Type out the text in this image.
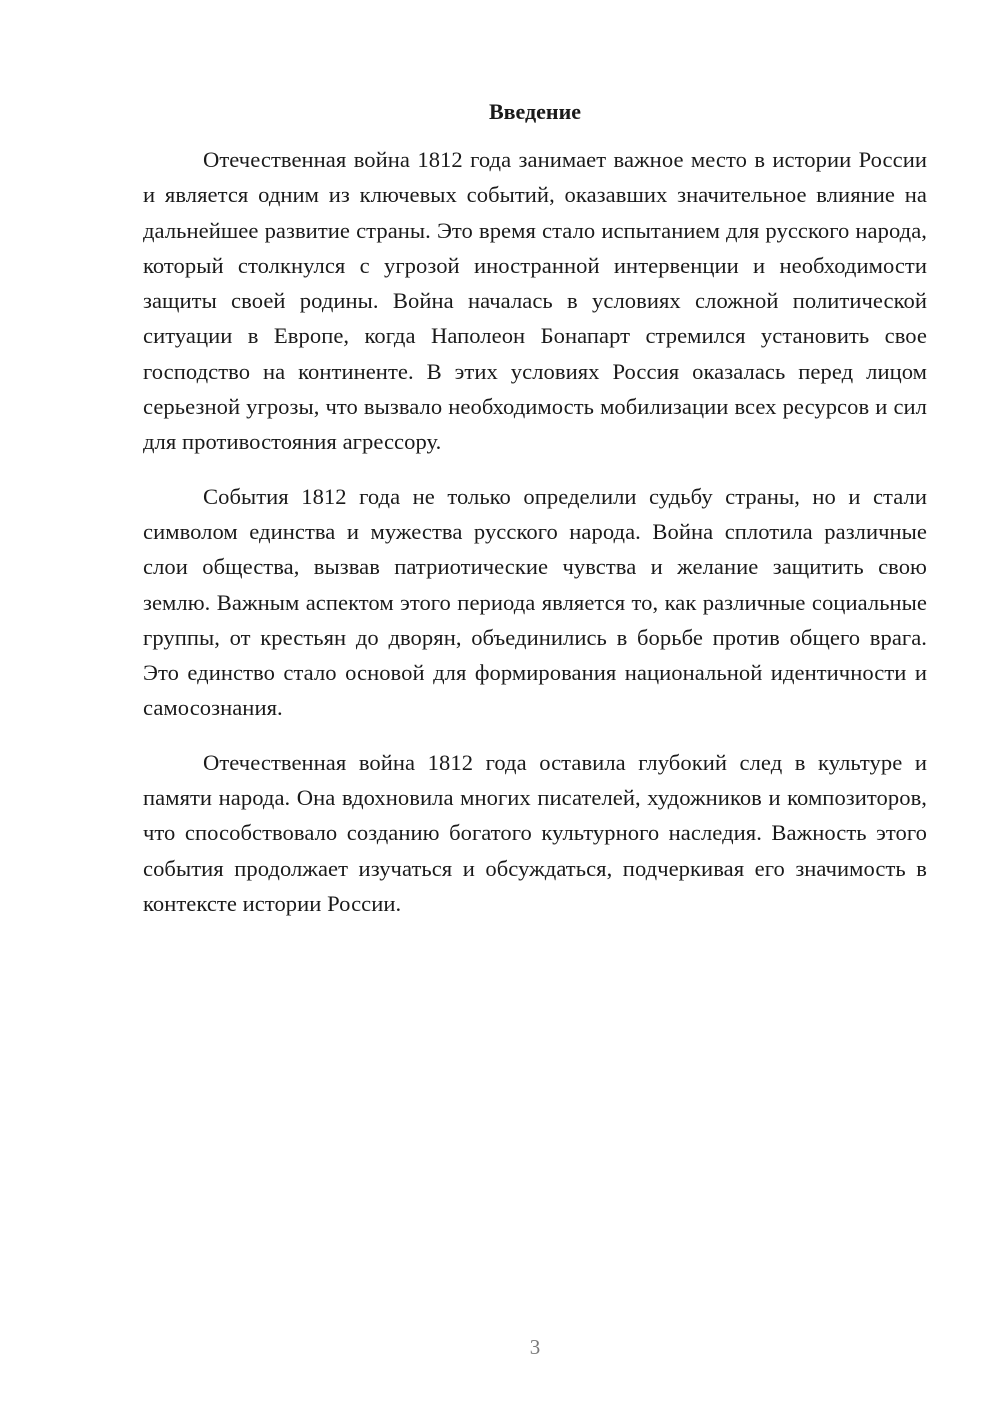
Введение

Отечественная война 1812 года занимает важное место в истории России и является одним из ключевых событий, оказавших значительное влияние на дальнейшее развитие страны. Это время стало испытанием для русского народа, который столкнулся с угрозой иностранной интервенции и необходимости защиты своей родины. Война началась в условиях сложной политической ситуации в Европе, когда Наполеон Бонапарт стремился установить свое господство на континенте. В этих условиях Россия оказалась перед лицом серьезной угрозы, что вызвало необходимость мобилизации всех ресурсов и сил для противостояния агрессору.

События 1812 года не только определили судьбу страны, но и стали символом единства и мужества русского народа. Война сплотила различные слои общества, вызвав патриотические чувства и желание защитить свою землю. Важным аспектом этого периода является то, как различные социальные группы, от крестьян до дворян, объединились в борьбе против общего врага. Это единство стало основой для формирования национальной идентичности и самосознания.

Отечественная война 1812 года оставила глубокий след в культуре и памяти народа. Она вдохновила многих писателей, художников и композиторов, что способствовало созданию богатого культурного наследия. Важность этого события продолжает изучаться и обсуждаться, подчеркивая его значимость в контексте истории России.

3
